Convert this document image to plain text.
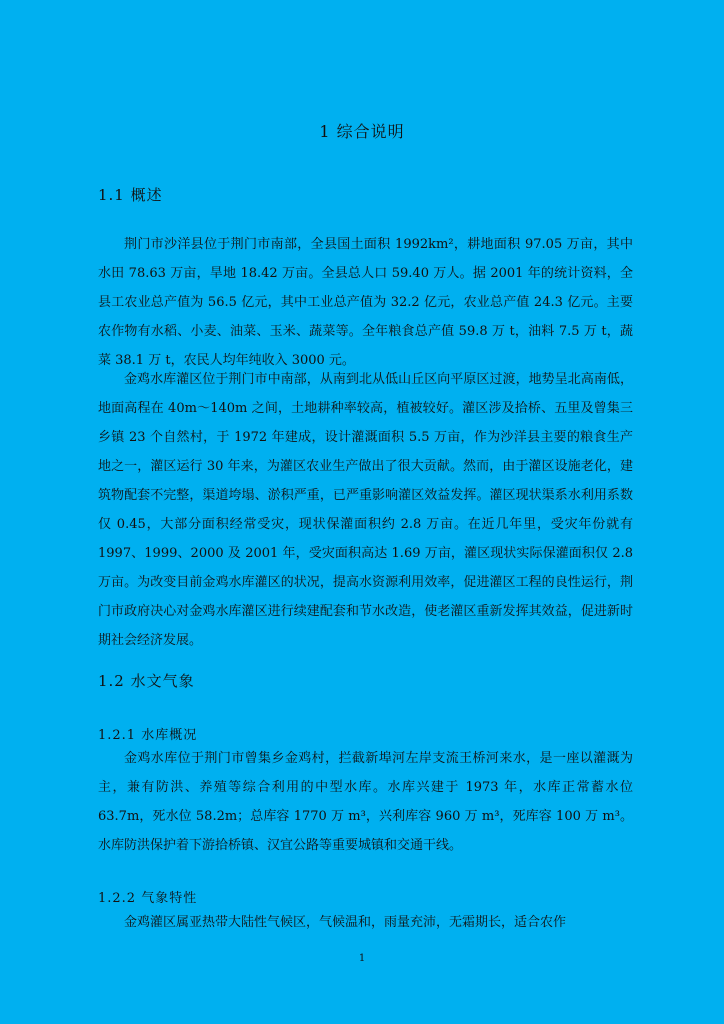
1 综合说明
1.1 概述

荆门市沙洋县位于荆门市南部，全县国土面积 1992km²，耕地面积 97.05 万亩，其中水田 78.63 万亩，旱地 18.42 万亩。全县总人口 59.40 万人。据 2001 年的统计资料，全县工农业总产值为 56.5 亿元，其中工业总产值为 32.2 亿元，农业总产值 24.3 亿元。主要农作物有水稻、小麦、油菜、玉米、蔬菜等。全年粮食总产值 59.8 万 t，油料 7.5 万 t，蔬菜 38.1 万 t，农民人均年纯收入 3000 元。

金鸡水库灌区位于荆门市中南部，从南到北从低山丘区向平原区过渡，地势呈北高南低，地面高程在 40m～140m 之间，土地耕种率较高，植被较好。灌区涉及拾桥、五里及曾集三乡镇 23 个自然村，于 1972 年建成，设计灌溉面积 5.5 万亩，作为沙洋县主要的粮食生产地之一，灌区运行 30 年来，为灌区农业生产做出了很大贡献。然而，由于灌区设施老化，建筑物配套不完整，渠道垮塌、淤积严重，已严重影响灌区效益发挥。灌区现状渠系水利用系数仅 0.45，大部分面积经常受灾，现状保灌面积约 2.8 万亩。在近几年里，受灾年份就有 1997、1999、2000 及 2001 年，受灾面积高达 1.69 万亩，灌区现状实际保灌面积仅 2.8 万亩。为改变目前金鸡水库灌区的状况，提高水资源利用效率，促进灌区工程的良性运行，荆门市政府决心对金鸡水库灌区进行续建配套和节水改造，使老灌区重新发挥其效益，促进新时期社会经济发展。

1.2 水文气象
1.2.1 水库概况

金鸡水库位于荆门市曾集乡金鸡村，拦截新埠河左岸支流王桥河来水，是一座以灌溉为主，兼有防洪、养殖等综合利用的中型水库。水库兴建于 1973 年，水库正常蓄水位 63.7m，死水位 58.2m；总库容 1770 万 m³，兴利库容 960 万 m³，死库容 100 万 m³。水库防洪保护着下游拾桥镇、汉宜公路等重要城镇和交通干线。

1.2.2 气象特性

金鸡灌区属亚热带大陆性气候区，气候温和，雨量充沛，无霜期长，适合农作

1
